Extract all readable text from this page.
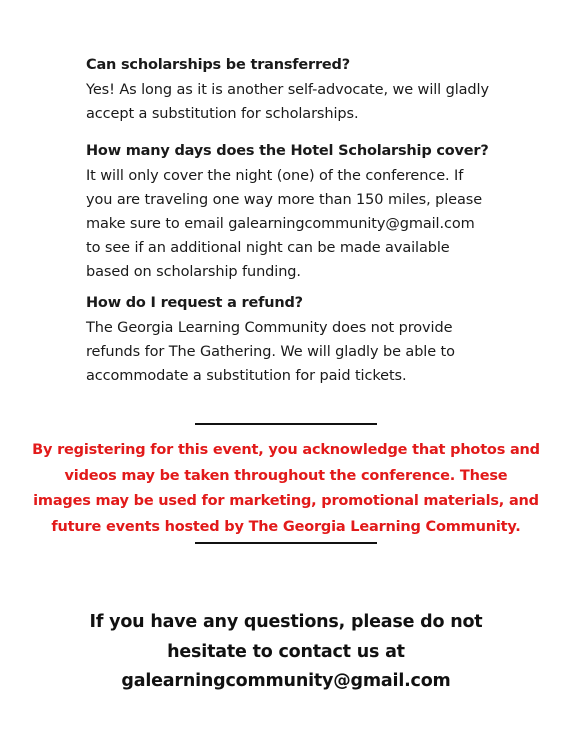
Can scholarships be transferred?

Yes! As long as it is another self-advocate, we will gladly
accept a substitution for scholarships.

How many days does the Hotel Scholarship cover?

It will only cover the night (one) of the conference. If
you are traveling one way more than 150 miles, please
make sure to email galearningcommunity@gmail.com
to see if an additional night can be made available
based on scholarship funding.

How do I request a refund?

The Georgia Learning Community does not provide
refunds for The Gathering. We will gladly be able to
accommodate a substitution for paid tickets.

By registering for this event, you acknowledge that photos and
videos may be taken throughout the conference. These
images may be used for marketing, promotional materials, and
future events hosted by The Georgia Learning Community.
If you have any questions, please do not
hesitate to contact us at
galearningcommunity@gmail.com
